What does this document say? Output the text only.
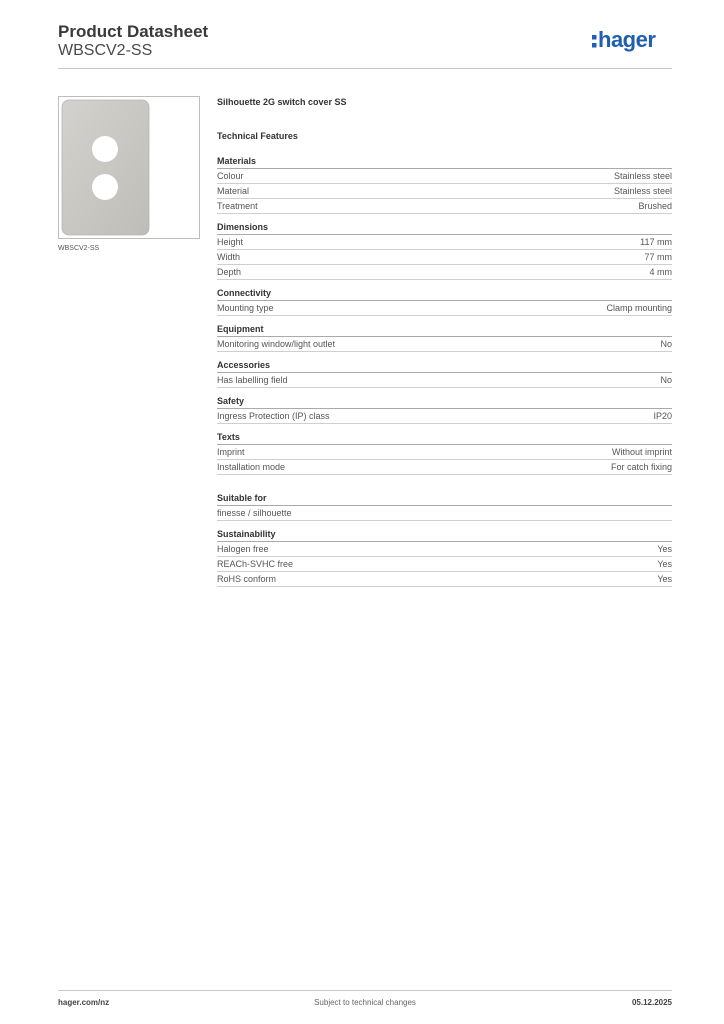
Product Datasheet
WBSCV2-SS	hager
WBSCV2-SS
Silhouette 2G switch cover SS
Technical Features
Materials
Colour	Stainless steel
Material	Stainless steel
Treatment	Brushed
Dimensions
Height	117 mm
Width	77 mm
Depth	4 mm
Connectivity
Mounting type	Clamp mounting
Equipment
Monitoring window/light outlet	No
Accessories
Has labelling field	No
Safety
Ingress Protection (IP) class	IP20
Texts
Imprint	Without imprint
Installation mode	For catch fixing
Suitable for
finesse / silhouette
Sustainability
Halogen free	Yes
REACh-SVHC free	Yes
RoHS conform	Yes
hager.com/nz	Subject to technical changes	05.12.2025
